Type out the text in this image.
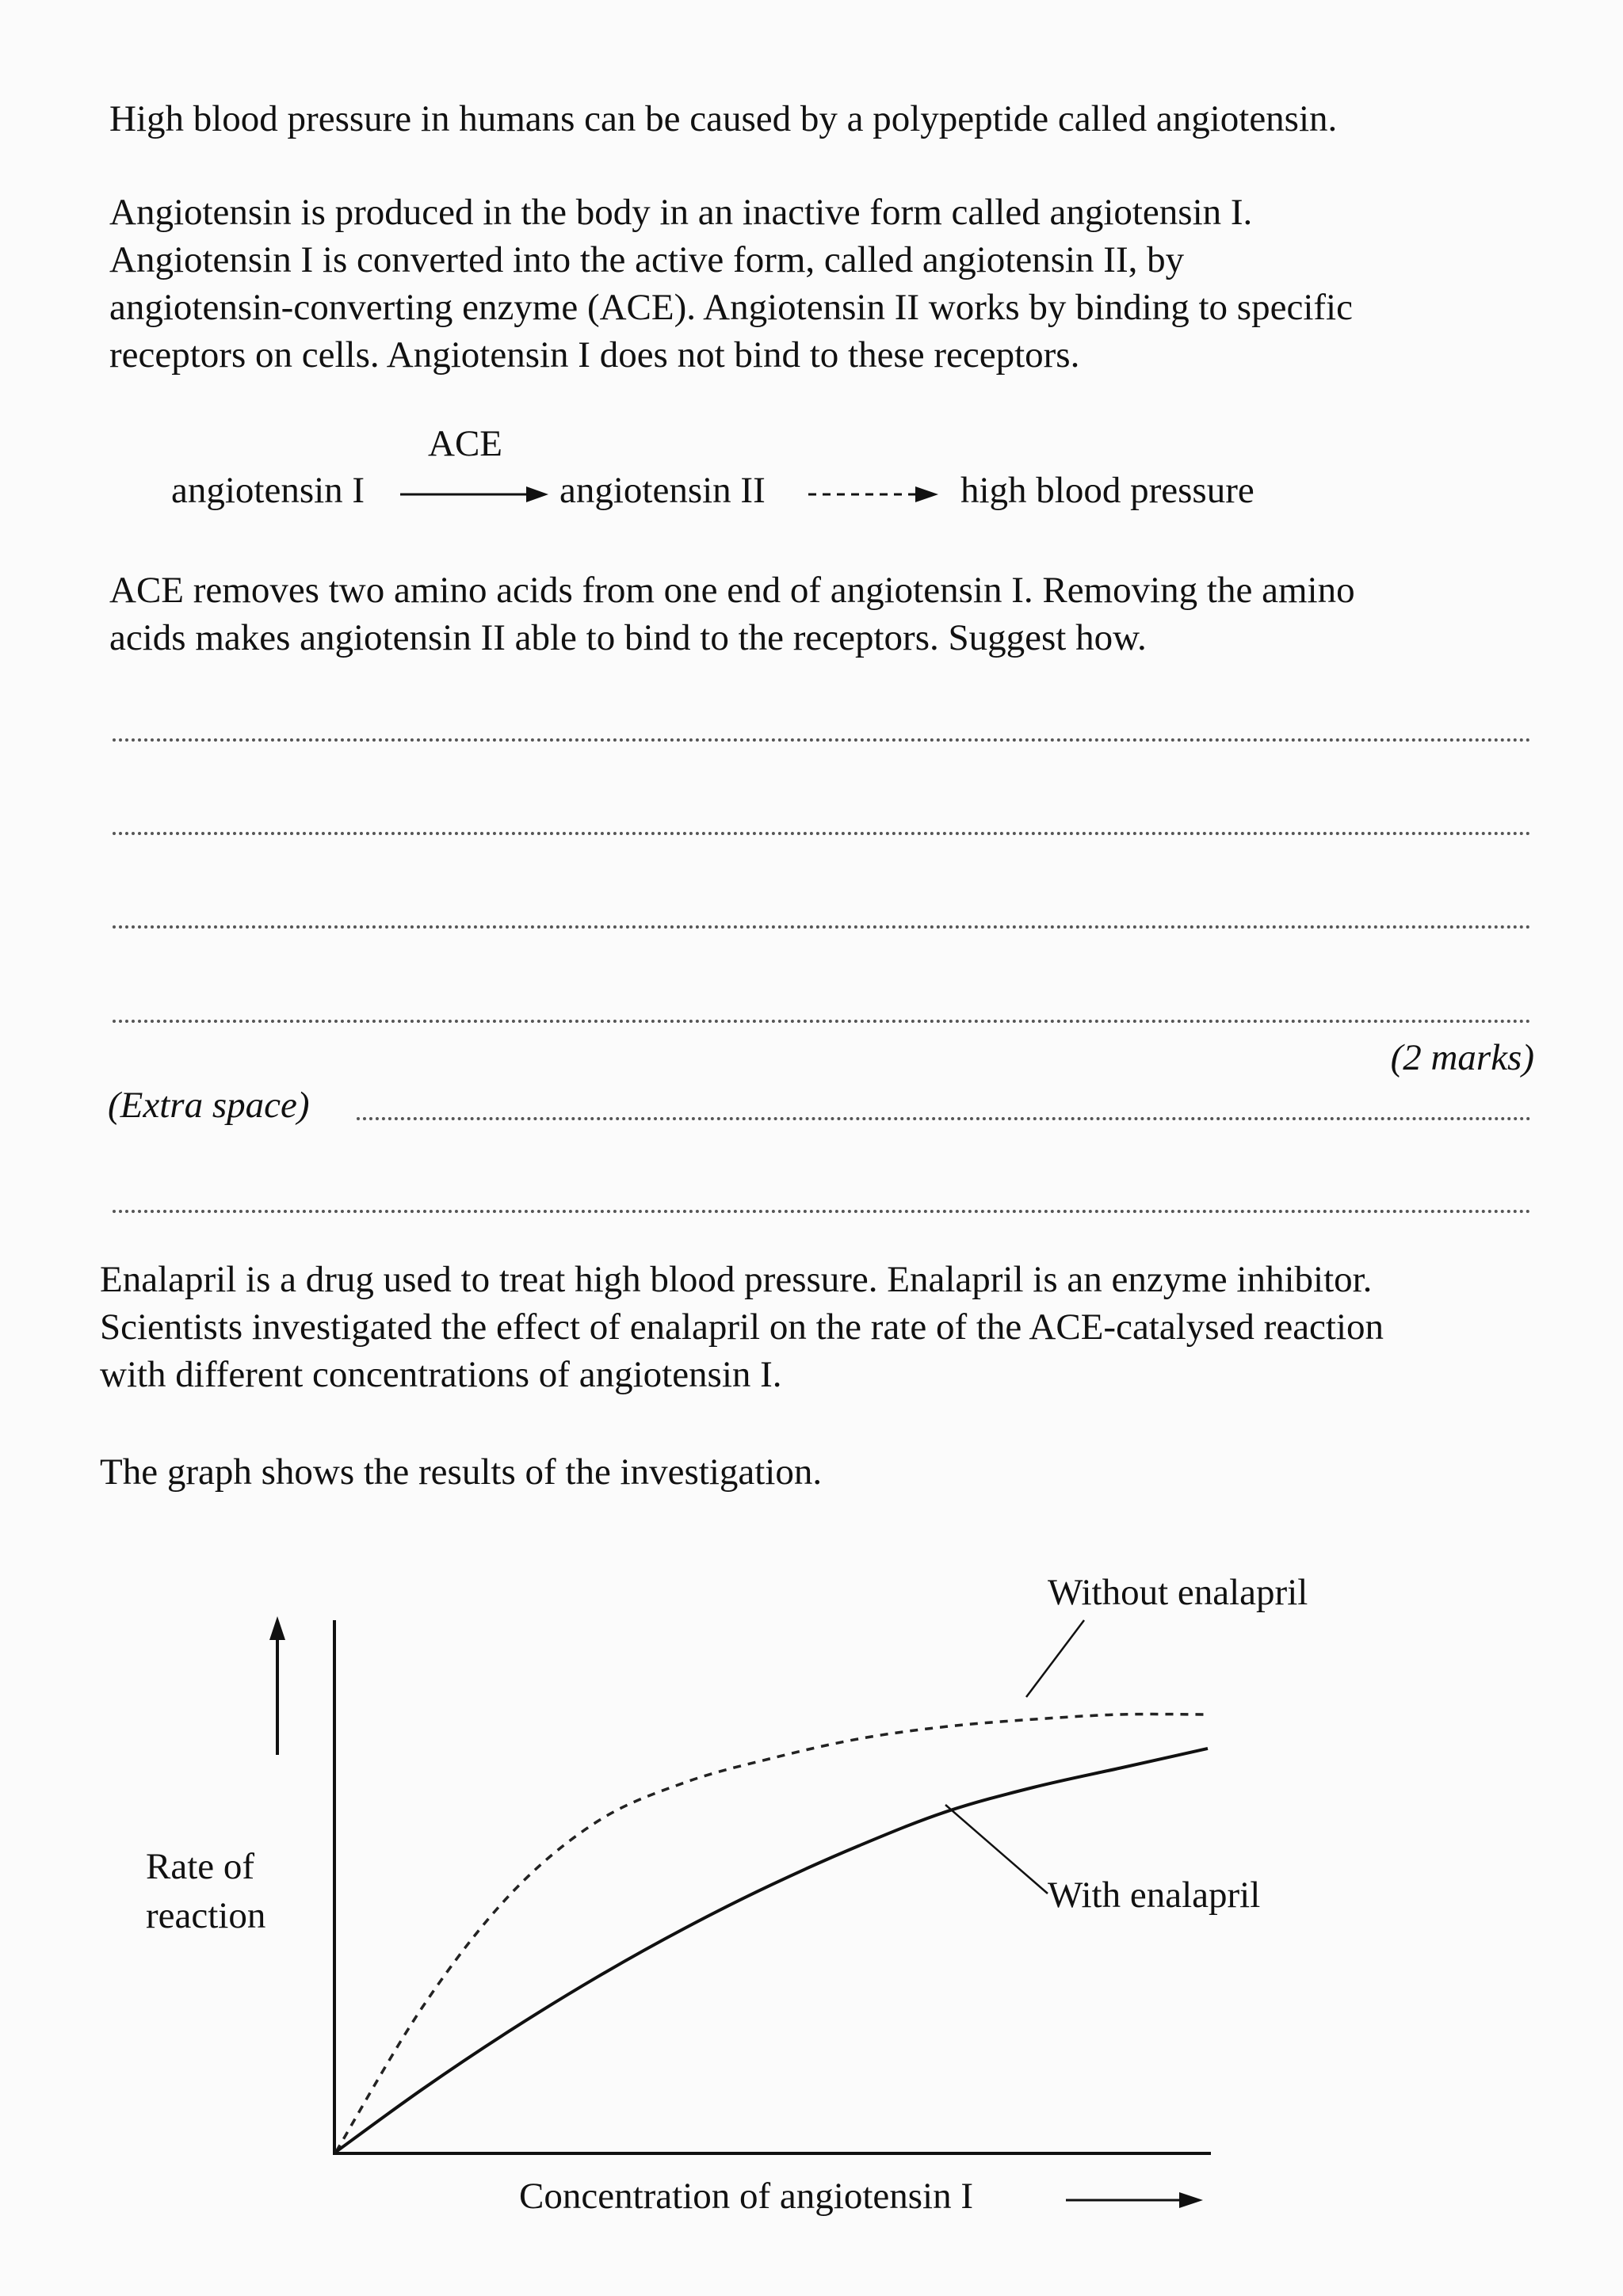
High blood pressure in humans can be caused by a polypeptide called angiotensin.

Angiotensin is produced in the body in an inactive form called angiotensin I.
Angiotensin I is converted into the active form, called angiotensin II, by
angiotensin-converting enzyme (ACE). Angiotensin II works by binding to specific
receptors on cells. Angiotensin I does not bind to these receptors.
ACE
angiotensin I	angiotensin II	high blood pressure
ACE removes two amino acids from one end of angiotensin I. Removing the amino
acids makes angiotensin II able to bind to the receptors. Suggest how.
(2 marks)
(Extra space)
Enalapril is a drug used to treat high blood pressure. Enalapril is an enzyme inhibitor.
Scientists investigated the effect of enalapril on the rate of the ACE-catalysed reaction
with different concentrations of angiotensin I.

The graph shows the results of the investigation.

Rate of
reaction
Concentration of angiotensin I
Without enalapril
With enalapril
